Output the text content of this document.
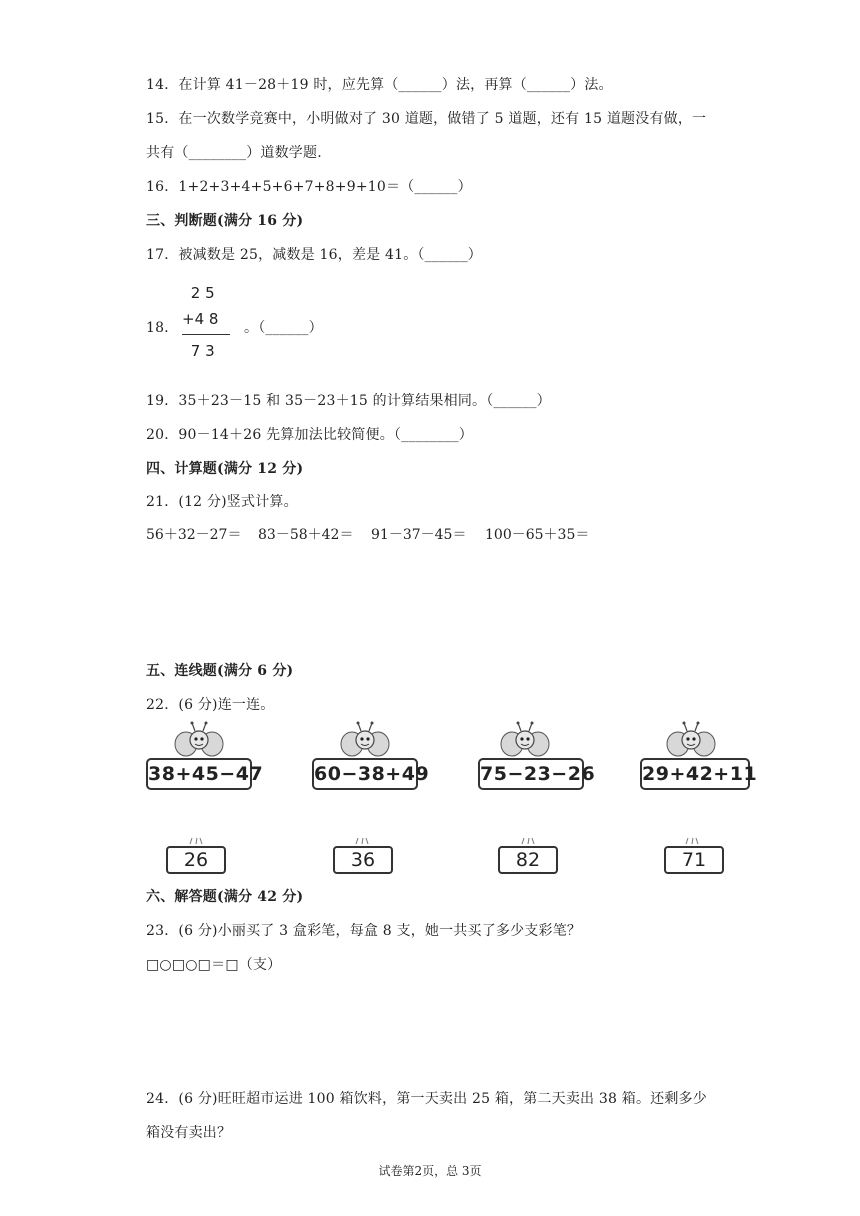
14．在计算 41－28＋19 时，应先算（______）法，再算（______）法。
15．在一次数学竞赛中，小明做对了 30 道题，做错了 5 道题，还有 15 道题没有做，一
共有（________）道数学题.
16．1+2+3+4+5+6+7+8+9+10＝（______）
三、判断题(满分 16 分)
17．被减数是 25，减数是 16，差是 41。（______）
18．
2 5
+4 8
7 3
。（______）
19．35＋23－15 和 35－23＋15 的计算结果相同。（______）
20．90－14＋26 先算加法比较简便。（________）
四、计算题(满分 12 分)
21．(12 分)竖式计算。
56＋32－27＝ 83－58＋42＝ 91－37－45＝ 100－65＋35＝
五、连线题(满分 6 分)
22．(6 分)连一连。
38+45−47	60−38+49	75−23−26 29+42+11
26	36	82	71
六、解答题(满分 42 分)
23．(6 分)小丽买了 3 盒彩笔，每盒 8 支，她一共买了多少支彩笔？
□○□○□＝□（支）
24．(6 分)旺旺超市运进 100 箱饮料，第一天卖出 25 箱，第二天卖出 38 箱。还剩多少
箱没有卖出？
试卷第2页，总 3页
